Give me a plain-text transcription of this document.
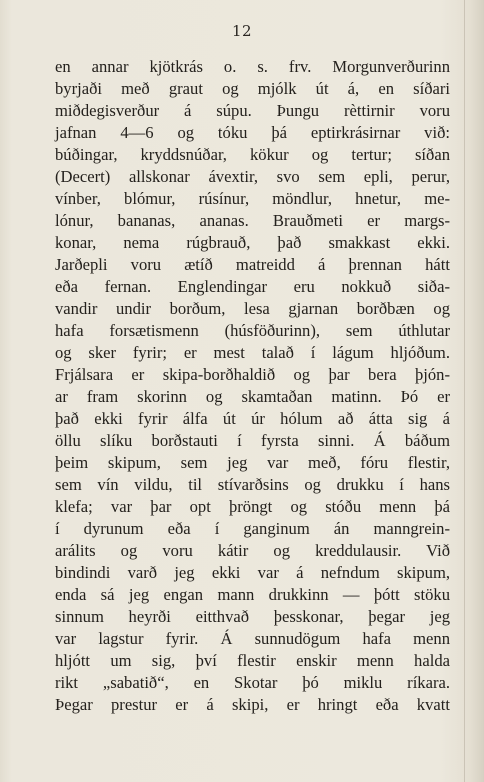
12
en annar kjötkrás o. s. frv. Morgunverðurinn
byrjaði með graut og mjólk út á, en síðari
miðdegisverður á súpu. Þungu rèttirnir voru
jafnan 4—6 og tóku þá eptirkrásirnar við:
búðingar, kryddsnúðar, kökur og tertur; síðan
(Decert) allskonar ávextir, svo sem epli, perur,
vínber, blómur, rúsínur, möndlur, hnetur, me-
lónur, bananas, ananas. Brauðmeti er margs-
konar, nema rúgbrauð, það smakkast ekki.
Jarðepli voru ætíð matreidd á þrennan hátt
eða fernan. Englendingar eru nokkuð siða-
vandir undir borðum, lesa gjarnan borðbæn og
hafa forsætismenn (húsföðurinn), sem úthlutar
og sker fyrir; er mest talað í lágum hljóðum.
Frjálsara er skipa-borðhaldið og þar bera þjón-
ar fram skorinn og skamtaðan matinn. Þó er
það ekki fyrir álfa út úr hólum að átta sig á
öllu slíku borðstauti í fyrsta sinni. Á báðum
þeim skipum, sem jeg var með, fóru flestir,
sem vín vildu, til stívarðsins og drukku í hans
klefa; var þar opt þröngt og stóðu menn þá
í dyrunum eða í ganginum án manngrein-
arálits og voru kátir og kreddulausir. Við
bindindi varð jeg ekki var á nefndum skipum,
enda sá jeg engan mann drukkinn — þótt stöku
sinnum heyrði eitthvað þesskonar, þegar jeg
var lagstur fyrir. Á sunnudögum hafa menn
hljótt um sig, því flestir enskir menn halda
rikt „sabatið“, en Skotar þó miklu ríkara.
Þegar prestur er á skipi, er hringt eða kvatt
